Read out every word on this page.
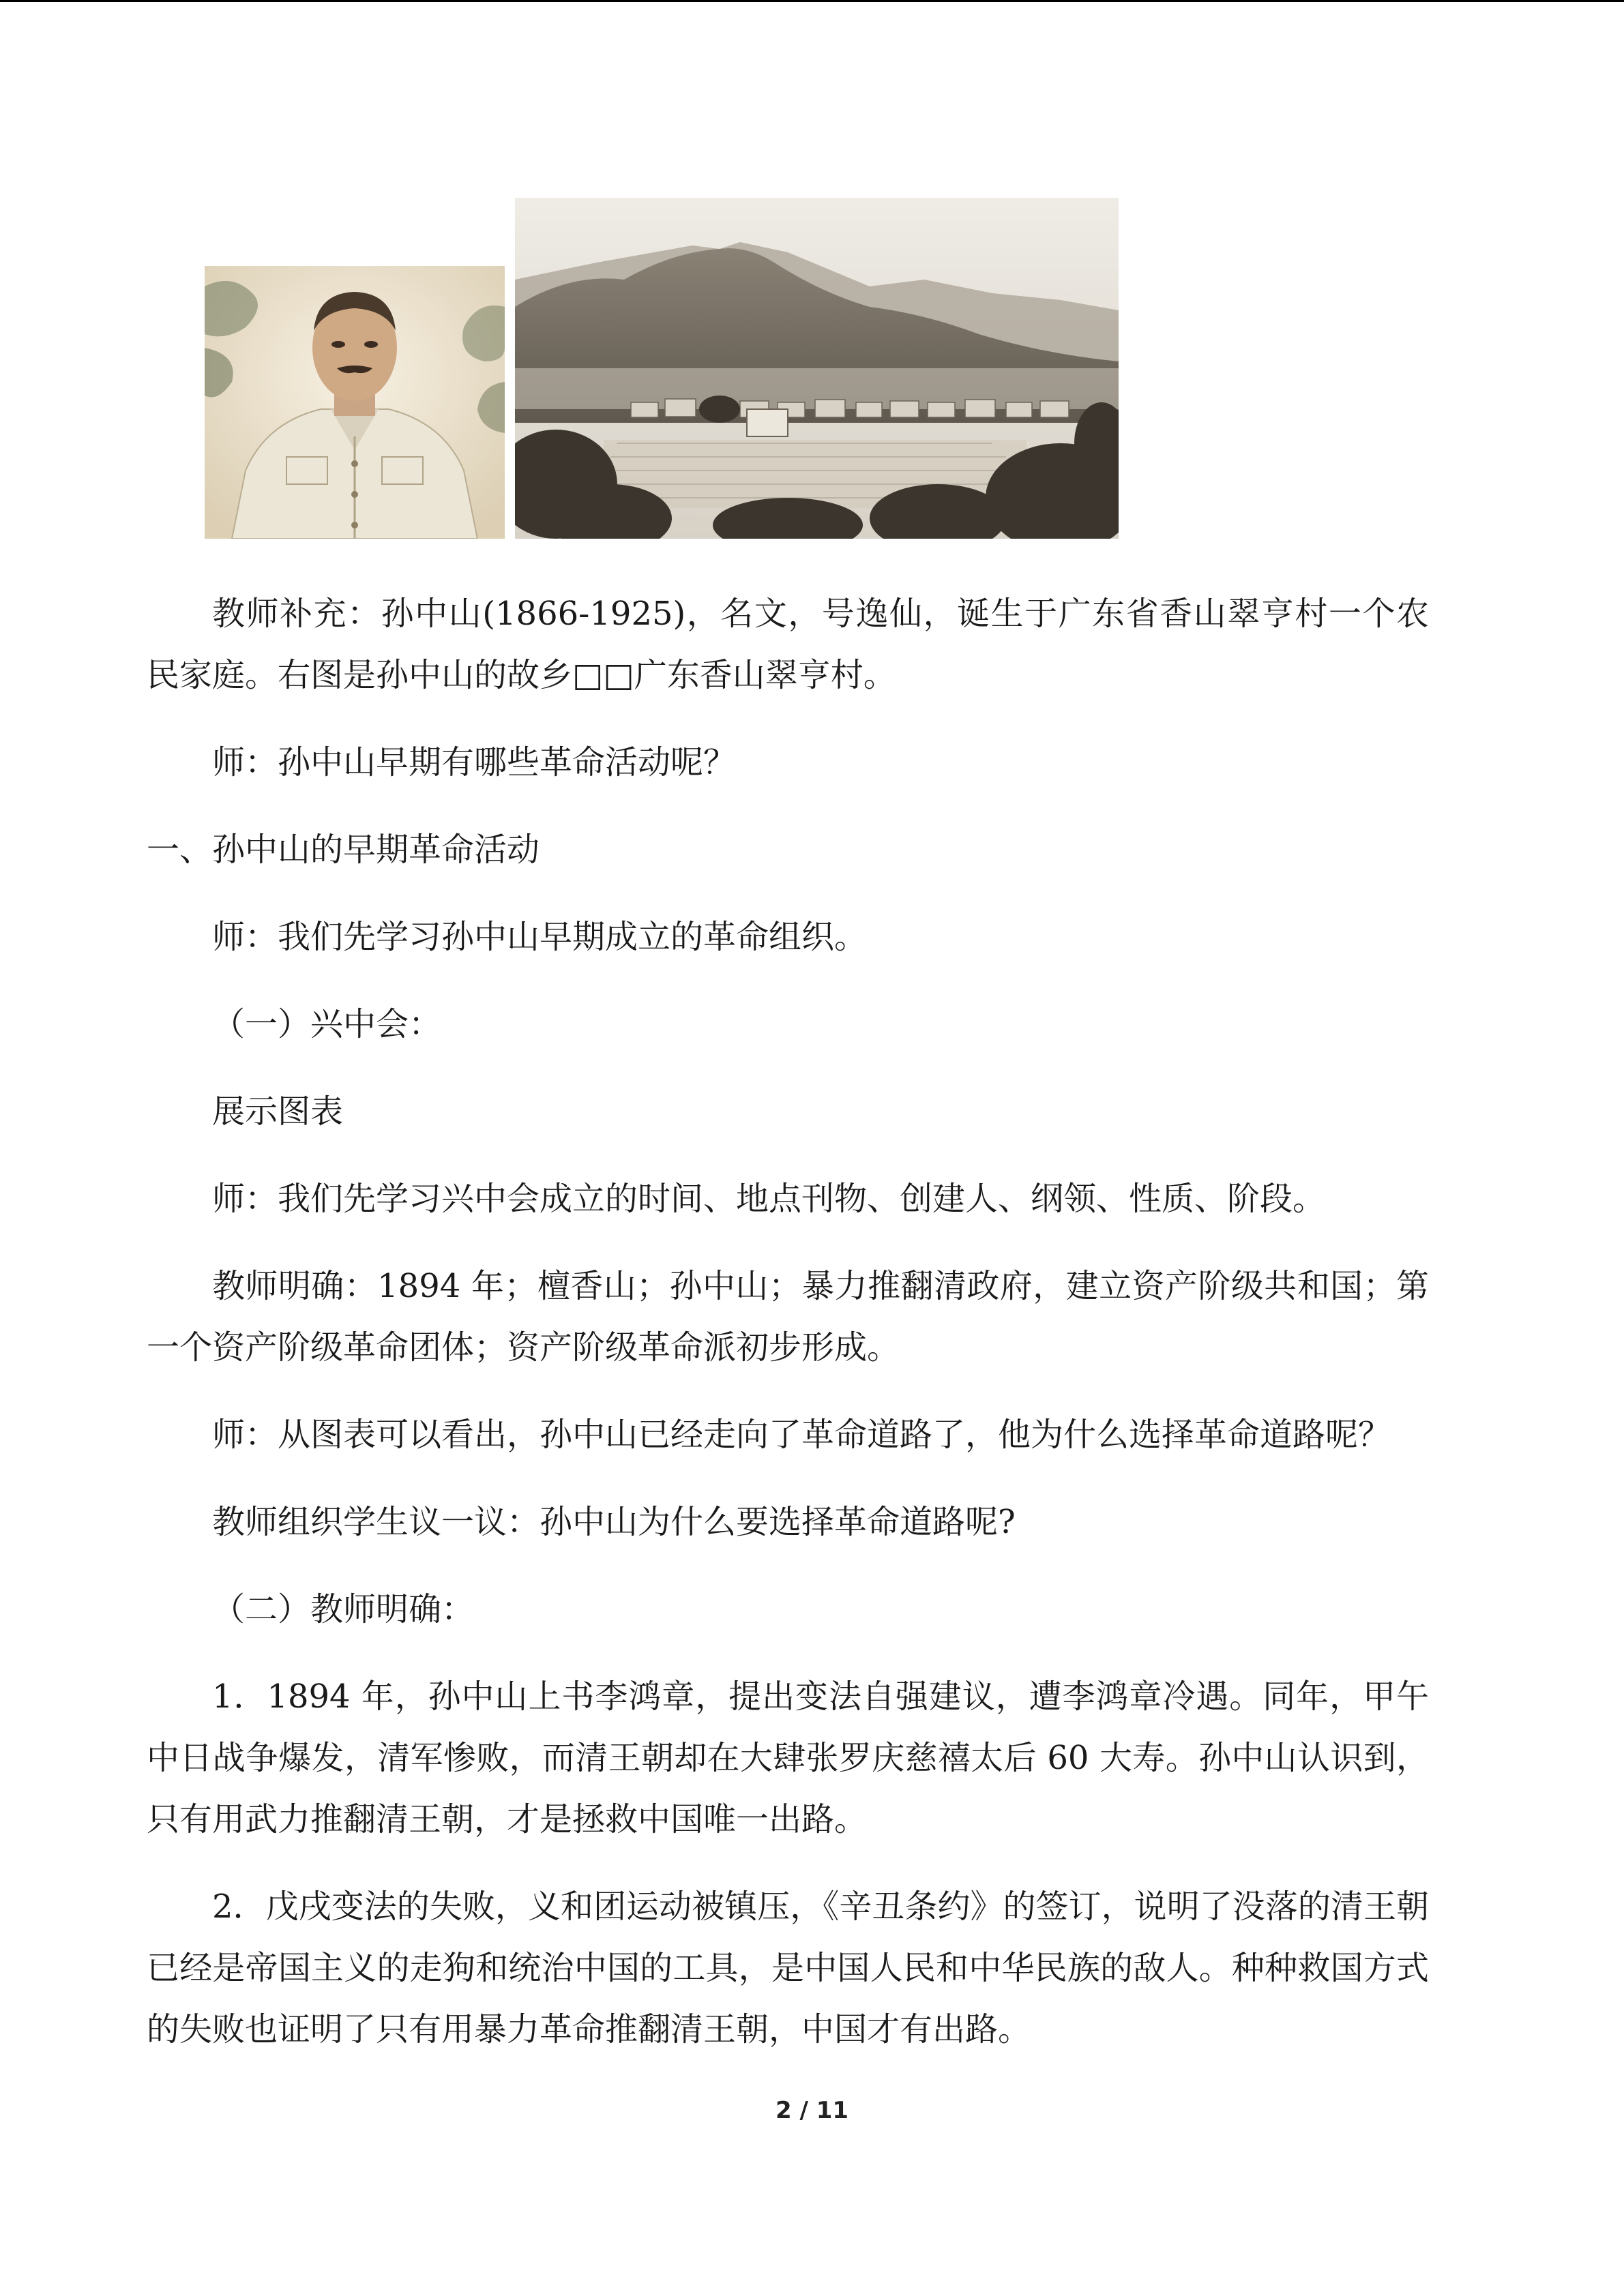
教师补充：孙中山(1866-1925)，名文，号逸仙，诞生于广东省香山翠亨村一个农民家庭。右图是孙中山的故乡□□广东香山翠亨村。

师：孙中山早期有哪些革命活动呢？

一、孙中山的早期革命活动

师：我们先学习孙中山早期成立的革命组织。

（一）兴中会：

展示图表

师：我们先学习兴中会成立的时间、地点刊物、创建人、纲领、性质、阶段。

教师明确：1894 年；檀香山；孙中山；暴力推翻清政府，建立资产阶级共和国；第一个资产阶级革命团体；资产阶级革命派初步形成。

师：从图表可以看出，孙中山已经走向了革命道路了，他为什么选择革命道路呢？

教师组织学生议一议：孙中山为什么要选择革命道路呢?

（二）教师明确：

1．1894 年，孙中山上书李鸿章，提出变法自强建议，遭李鸿章冷遇。同年，甲午中日战争爆发，清军惨败，而清王朝却在大肆张罗庆慈禧太后 60 大寿。孙中山认识到，只有用武力推翻清王朝，才是拯救中国唯一出路。

2．戊戌变法的失败，义和团运动被镇压，《辛丑条约》的签订，说明了没落的清王朝已经是帝国主义的走狗和统治中国的工具，是中国人民和中华民族的敌人。种种救国方式的失败也证明了只有用暴力革命推翻清王朝，中国才有出路。

2 / 11
